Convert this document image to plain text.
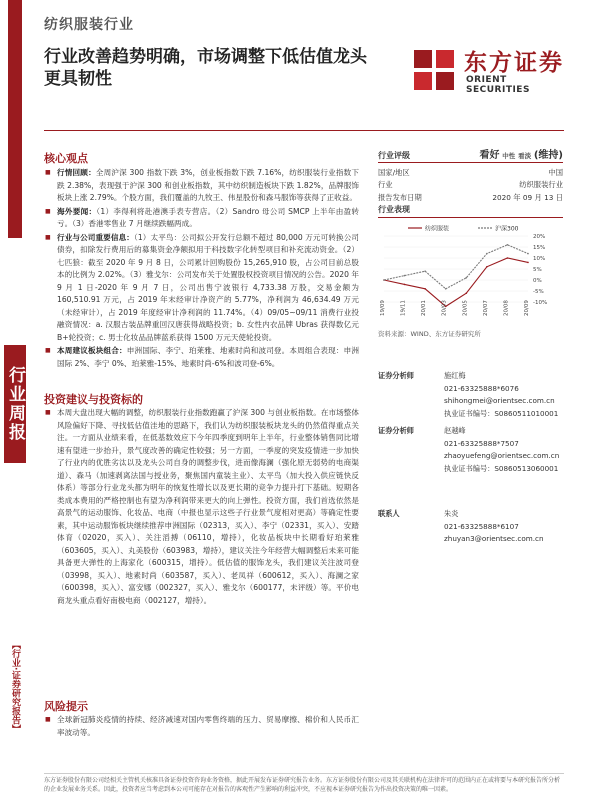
行业周报
【行业·证券研究报告】
纺织服装行业
行业改善趋势明确，市场调整下低估值龙头更具韧性
东方证券
ORIENT SECURITIES
核心观点
■ 行情回顾：全周沪深 300 指数下跌 3%，创业板指数下跌 7.16%，纺织服装行业指数下跌 2.38%，表现强于沪深 300 和创业板指数，其中纺织制造板块下跌 1.82%，品牌服饰板块上涨 2.79%。个股方面，我们覆盖的九牧王、伟星股份和森马服饰等获得了正收益。
■ 海外要闻：（1）李得利将赴港澳手表专营店。（2）Sandro 母公司 SMCP 上半年由盈转亏。（3）香港零售业 7 月继续跌幅两成。
■ 行业与公司重要信息：（1）太平鸟：公司拟公开发行总额不超过 80,000 万元可转换公司债券，扣除发行费用后的募集资金净额拟用于科技数字化转型项目和补充流动资金。（2）七匹狼：截至 2020 年 9 月 8 日，公司累计回购股份 15,265,910 股，占公司目前总股本的比例为 2.02%。（3）雅戈尔：公司发布关于处置股权投资项目情况的公告。2020 年 9 月 1 日-2020 年 9 月 7 日，公司出售宁波银行 4,733.38 万股，交易金额为 160,510.91 万元，占 2019 年末经审计净资产的 5.77%，净利润为 46,634.49 万元（未经审计），占 2019 年度经审计净利润的 11.74%。（4）09/05~09/11 消费行业投融资情况：a. 汉服古装品牌重回汉唐获得战略投资；b. 女性内衣品牌 Ubras 获得数亿元 B+轮投资；c. 男士化妆品品牌蓝系获得 1500 万元天使轮投资。
■ 本周建议板块组合：申洲国际、李宁、珀莱雅、地素时尚和波司登。本周组合表现：申洲国际 2%、李宁 0%、珀莱雅-15%、地素时尚-6%和波司登-6%。
投资建议与投资标的
■ 本周大盘出现大幅的调整，纺织服装行业指数跑赢了沪深 300 与创业板指数。在市场整体风险偏好下降、寻找低估值洼地的思路下，我们认为纺织服装板块龙头的仍然值得重点关注。一方面从业绩来看，在低基数效应下今年四季度到明年上半年，行业整体销售同比增速有望进一步抬升，景气度改善的确定性较强；另一方面，一季度的突发疫情进一步加快了行业内的优胜劣汰以及龙头公司自身的调整步伐，进而像海澜（强化原无弱势的电商渠道）、森马（加速剥离法国与授业务，聚焦国内童装主业）、太平鸟（加大投入供应链快反体系）等部分行业龙头都为明年的恢复性增长以及更长期的竞争力提升打下基础。短期各类成本费用的严格控制也有望为净利润带来更大的向上弹性。投资方面，我们首选依然是高景气的运动服饰、化妆品、电商（中报也显示这些子行业景气度相对更高）等确定性要素，其中运动服饰板块继续推荐申洲国际（02313，买入）、李宁（02331，买入）、安踏体育（02020，买入）、关注滔搏（06110，增持），化妆品板块中长期看好珀莱雅（603605，买入）、丸美股份（603983，增持），建议关注今年经营大幅调整后未来可能具备更大弹性的上海家化（600315，增持）。低估值的服饰龙头，我们建议关注波司登（03998，买入）、地素时尚（603587，买入）、老凤祥（600612，买入）、海澜之家（600398，买入）、富安娜（002327，买入）、雅戈尔（600177，未评级）等。平价电商龙头重点看好南极电商（002127，增持）。
风险提示
■ 全球新冠肺炎疫情的持续、经济减速对国内零售终端的压力、贸易摩擦、棉价和人民币汇率波动等。
行业评级	看好 中性 看淡 (维持)
国家/地区	中国
行业	纺织服装行业
报告发布日期	2020 年 09 月 13 日
行业表现
纺织服装	沪深300
20%
15%
10%
5%
0%
-5%
-10%
19/09	19/11	20/01	20/03	20/05	20/07	20/08	20/09
资料来源：WIND、东方证券研究所
证券分析师	施红梅
021-63325888*6076
shihongmei@orientsec.com.cn
执业证书编号：S0860511010001
证券分析师	赵越峰
021-63325888*7507
zhaoyuefeng@orientsec.com.cn
执业证书编号：S0860513060001
联系人	朱炎
021-63325888*6107
zhuyan3@orientsec.com.cn
东方证券股份有限公司经相关主管机关核准具备证券投资咨询业务资格，据此开展发布证券研究报告业务。东方证券股份有限公司及其关联机构在法律许可的范围内正在或将要与本研究报告所分析的企业发展业务关系。因此，投资者应当考虑到本公司可能存在对报告的客观性产生影响的利益冲突，不应视本证券研究报告为作出投资决策的唯一因素。
